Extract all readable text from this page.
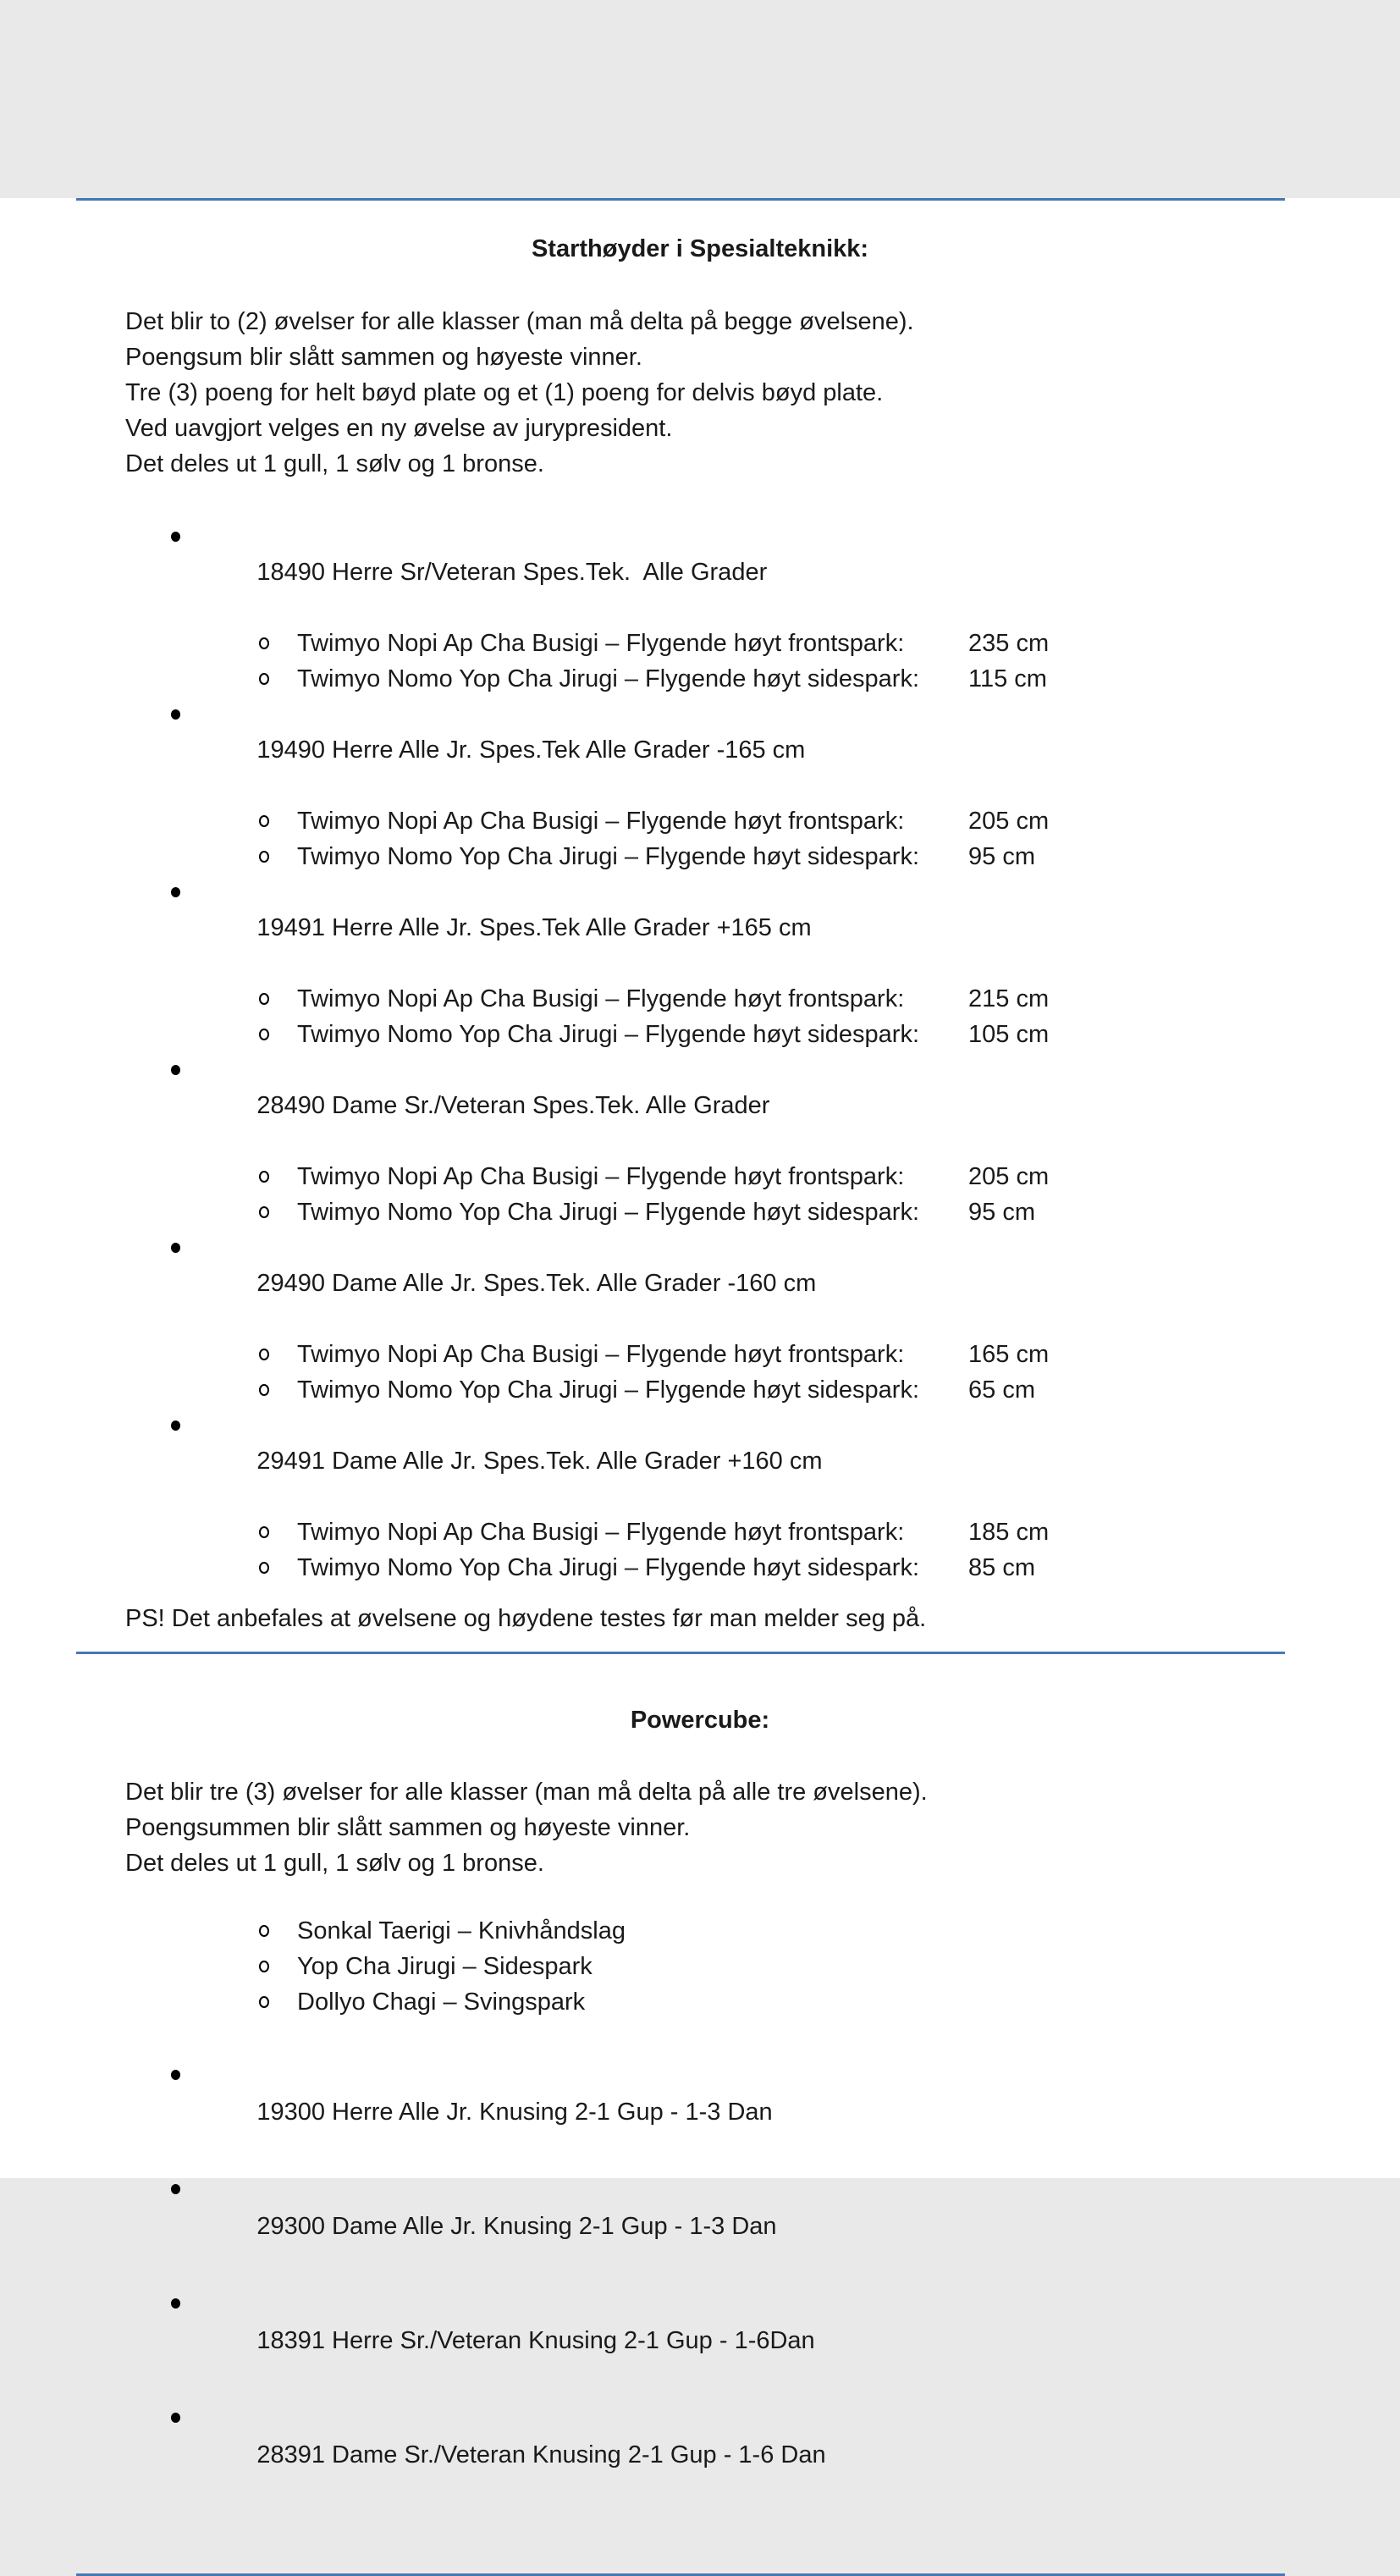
Starthøyder i Spesialteknikk:

Det blir to (2) øvelser for alle klasser (man må delta på begge øvelsene).

Poengsum blir slått sammen og høyeste vinner.

Tre (3) poeng for helt bøyd plate og et (1) poeng for delvis bøyd plate.

Ved uavgjort velges en ny øvelse av jurypresident.

Det deles ut 1 gull, 1 sølv og 1 bronse.

18490 Herre Sr/Veteran Spes.Tek.  Alle Grader

Twimyo Nopi Ap Cha Busigi – Flygende høyt frontspark:	235 cm
Twimyo Nomo Yop Cha Jirugi – Flygende høyt sidespark:	115 cm

19490 Herre Alle Jr. Spes.Tek Alle Grader -165 cm

Twimyo Nopi Ap Cha Busigi – Flygende høyt frontspark:	205 cm
Twimyo Nomo Yop Cha Jirugi – Flygende høyt sidespark:	95 cm

19491 Herre Alle Jr. Spes.Tek Alle Grader +165 cm

Twimyo Nopi Ap Cha Busigi – Flygende høyt frontspark:	215 cm
Twimyo Nomo Yop Cha Jirugi – Flygende høyt sidespark:	105 cm

28490 Dame Sr./Veteran Spes.Tek. Alle Grader

Twimyo Nopi Ap Cha Busigi – Flygende høyt frontspark:	205 cm
Twimyo Nomo Yop Cha Jirugi – Flygende høyt sidespark:	95 cm

29490 Dame Alle Jr. Spes.Tek. Alle Grader -160 cm

Twimyo Nopi Ap Cha Busigi – Flygende høyt frontspark:	165 cm
Twimyo Nomo Yop Cha Jirugi – Flygende høyt sidespark:	65 cm

29491 Dame Alle Jr. Spes.Tek. Alle Grader +160 cm

Twimyo Nopi Ap Cha Busigi – Flygende høyt frontspark:	185 cm
Twimyo Nomo Yop Cha Jirugi – Flygende høyt sidespark:	85 cm
PS! Det anbefales at øvelsene og høydene testes før man melder seg på.
Powercube:

Det blir tre (3) øvelser for alle klasser (man må delta på alle tre øvelsene).

Poengsummen blir slått sammen og høyeste vinner.

Det deles ut 1 gull, 1 sølv og 1 bronse.

Sonkal Taerigi – Knivhåndslag
Yop Cha Jirugi – Sidespark
Dollyo Chagi – Svingspark

19300 Herre Alle Jr. Knusing 2-1 Gup - 1-3 Dan

29300 Dame Alle Jr. Knusing 2-1 Gup - 1-3 Dan

18391 Herre Sr./Veteran Knusing 2-1 Gup - 1-6Dan

28391 Dame Sr./Veteran Knusing 2-1 Gup - 1-6 Dan
